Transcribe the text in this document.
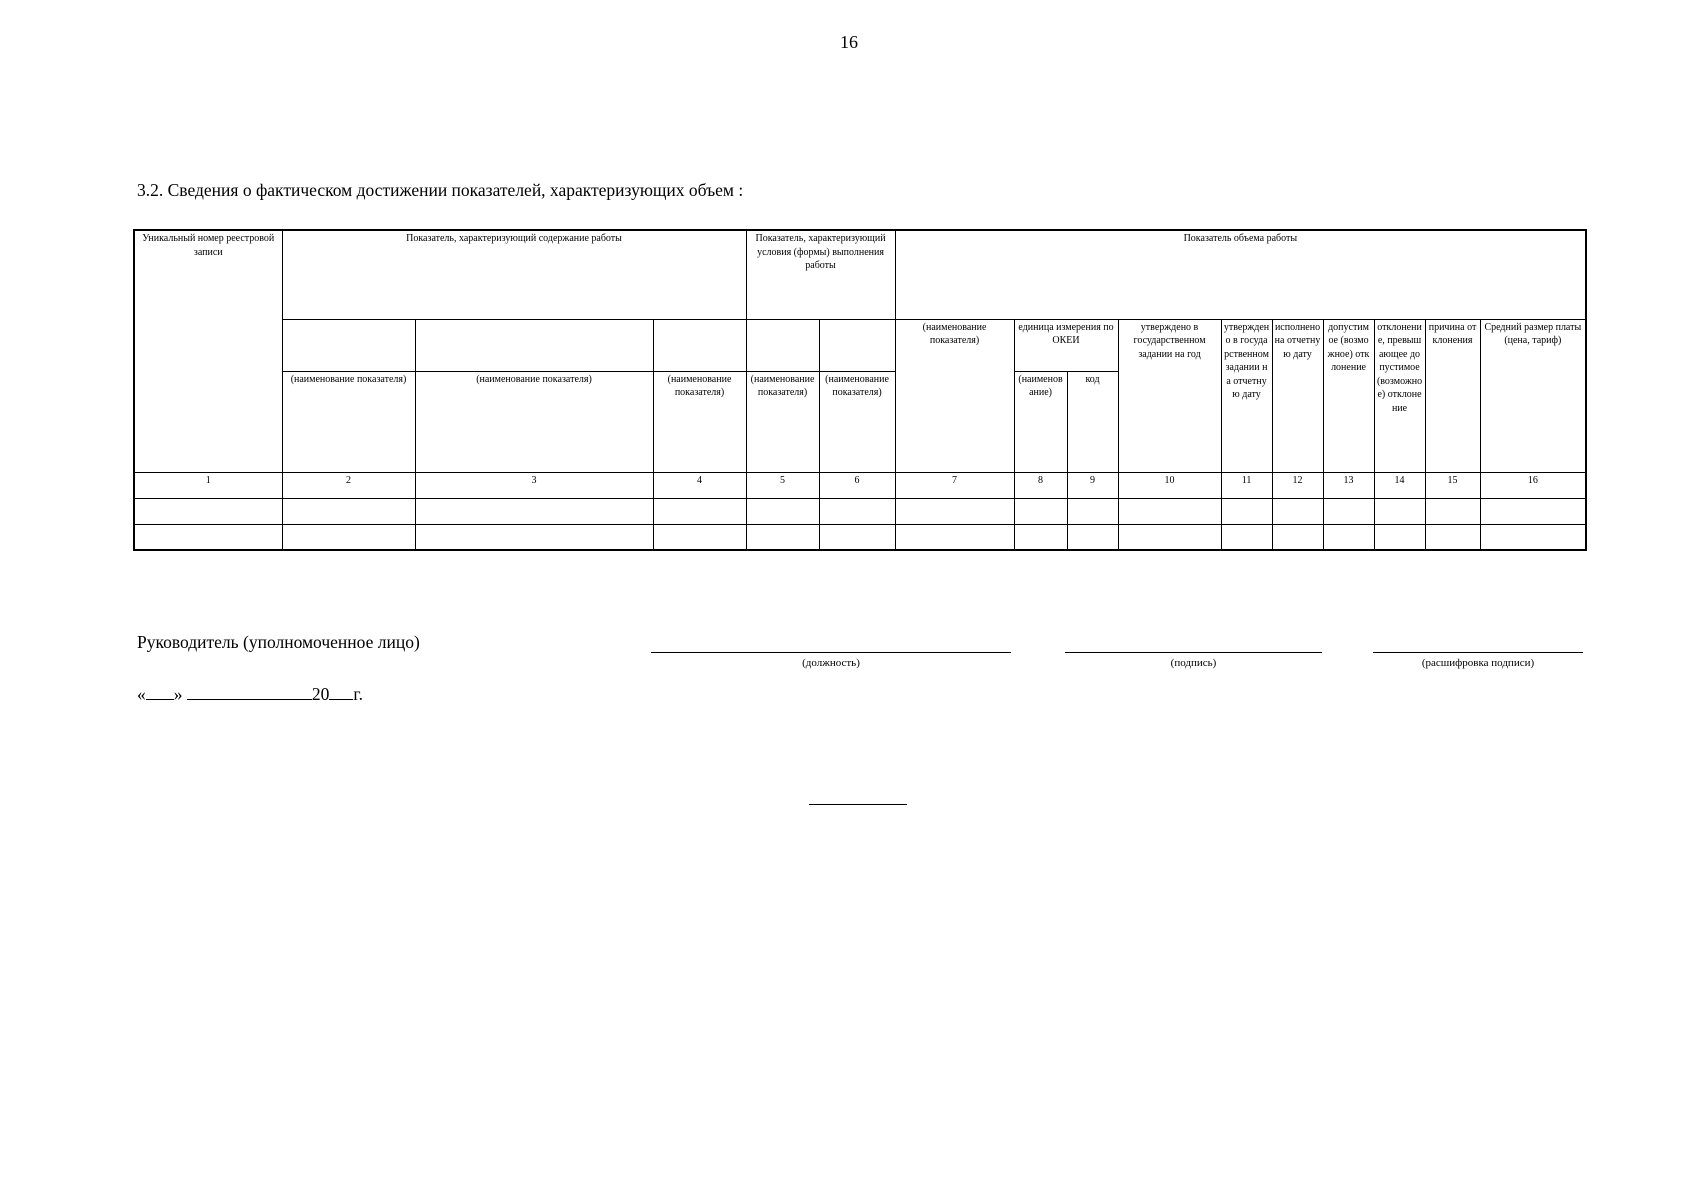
16
3.2. Сведения о фактическом достижении показателей, характеризующих объем :
Уникальный номер реестровой записи	Показатель, характеризующий содержание работы			Показатель, характеризующий условия (формы) выполнения работы		Показатель объема работы									
						(наименование показателя)	единица измерения по ОКЕИ		утверждено в государственном задании на год	утверждено в государственном задании на отчетную дату	исполнено на отчетную дату	допустимое (возможное) отклонение	отклонение, превышающее допустимое (возможное) отклонение	причина отклонения	Средний размер платы (цена, тариф)
	(наименование показателя)	(наименование показателя)	(наименование показателя)	(наименование показателя)	(наименование показателя)		(наименование)	код							
1	2	3	4	5	6	7	8	9	10	11	12	13	14	15	16

Руководитель (уполномоченное лицо)
(должность)	(подпись)	(расшифровка подписи)
« »	20 г.
